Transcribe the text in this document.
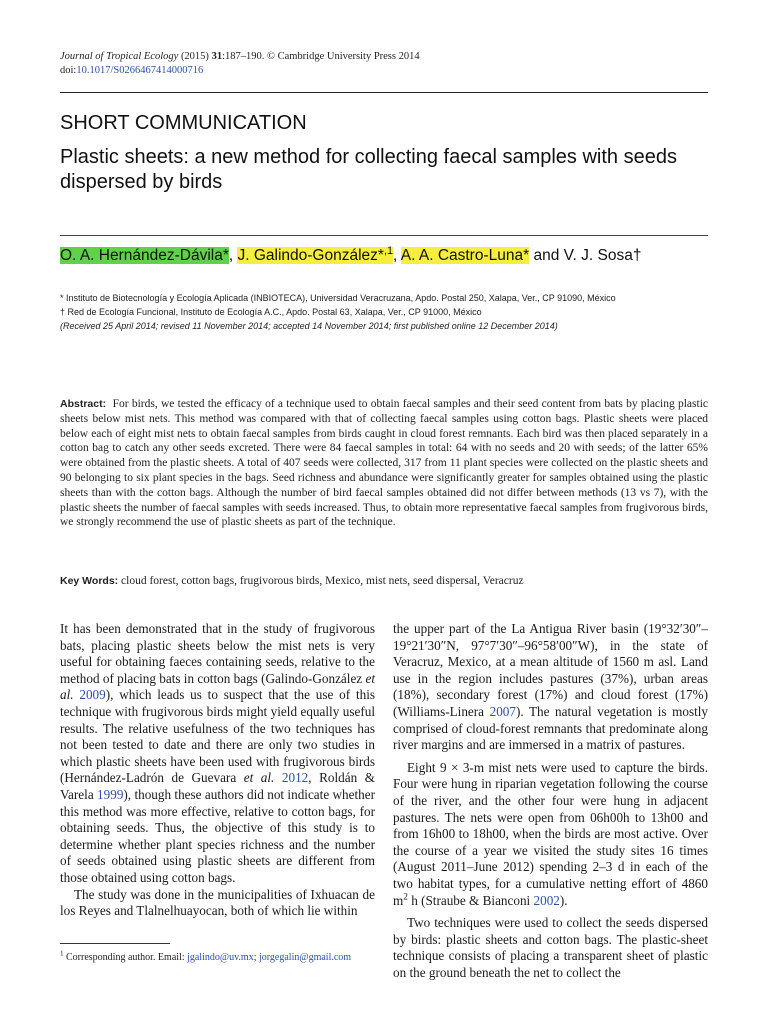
Journal of Tropical Ecology (2015) 31:187–190. © Cambridge University Press 2014
doi:10.1017/S0266467414000716
SHORT COMMUNICATION
Plastic sheets: a new method for collecting faecal samples with seeds dispersed by birds
O. A. Hernández-Dávila*, J. Galindo-González*$^{,1}$, A. A. Castro-Luna* and V. J. Sosa†
* Instituto de Biotecnología y Ecología Aplicada (INBIOTECA), Universidad Veracruzana, Apdo. Postal 250, Xalapa, Ver., CP 91090, México
† Red de Ecología Funcional, Instituto de Ecología A.C., Apdo. Postal 63, Xalapa, Ver., CP 91000, México
(Received 25 April 2014; revised 11 November 2014; accepted 14 November 2014; first published online 12 December 2014)
Abstract: For birds, we tested the efficacy of a technique used to obtain faecal samples and their seed content from bats by placing plastic sheets below mist nets. This method was compared with that of collecting faecal samples using cotton bags. Plastic sheets were placed below each of eight mist nets to obtain faecal samples from birds caught in cloud forest remnants. Each bird was then placed separately in a cotton bag to catch any other seeds excreted. There were 84 faecal samples in total: 64 with no seeds and 20 with seeds; of the latter 65% were obtained from the plastic sheets. A total of 407 seeds were collected, 317 from 11 plant species were collected on the plastic sheets and 90 belonging to six plant species in the bags. Seed richness and abundance were significantly greater for samples obtained using the plastic sheets than with the cotton bags. Although the number of bird faecal samples obtained did not differ between methods (13 vs 7), with the plastic sheets the number of faecal samples with seeds increased. Thus, to obtain more representative faecal samples from frugivorous birds, we strongly recommend the use of plastic sheets as part of the technique.
Key Words: cloud forest, cotton bags, frugivorous birds, Mexico, mist nets, seed dispersal, Veracruz

It has been demonstrated that in the study of frugivorous bats, placing plastic sheets below the mist nets is very useful for obtaining faeces containing seeds, relative to the method of placing bats in cotton bags (Galindo-González et al. 2009), which leads us to suspect that the use of this technique with frugivorous birds might yield equally useful results. The relative usefulness of the two techniques has not been tested to date and there are only two studies in which plastic sheets have been used with frugivorous birds (Hernández-Ladrón de Guevara et al. 2012, Roldán & Varela 1999), though these authors did not indicate whether this method was more effective, relative to cotton bags, for obtaining seeds. Thus, the objective of this study is to determine whether plant species richness and the number of seeds obtained using plastic sheets are different from those obtained using cotton bags.

The study was done in the municipalities of Ixhuacan de los Reyes and Tlalnelhuayocan, both of which lie within

the upper part of the La Antigua River basin (19°32′30″–19°21′30″N, 97°7′30″–96°58′00″W), in the state of Veracruz, Mexico, at a mean altitude of 1560 m asl. Land use in the region includes pastures (37%), urban areas (18%), secondary forest (17%) and cloud forest (17%) (Williams-Linera 2007). The natural vegetation is mostly comprised of cloud-forest remnants that predominate along river margins and are immersed in a matrix of pastures.

Eight 9 × 3-m mist nets were used to capture the birds. Four were hung in riparian vegetation following the course of the river, and the other four were hung in adjacent pastures. The nets were open from 06h00h to 13h00 and from 16h00 to 18h00, when the birds are most active. Over the course of a year we visited the study sites 16 times (August 2011–June 2012) spending 2–3 d in each of the two habitat types, for a cumulative netting effort of 4860 $m^2$ h (Straube & Bianconi 2002).

Two techniques were used to collect the seeds dispersed by birds: plastic sheets and cotton bags. The plastic-sheet technique consists of placing a transparent sheet of plastic on the ground beneath the net to collect the

$^1$ Corresponding author. Email: jgalindo@uv.mx; jorgegalin@gmail.com
